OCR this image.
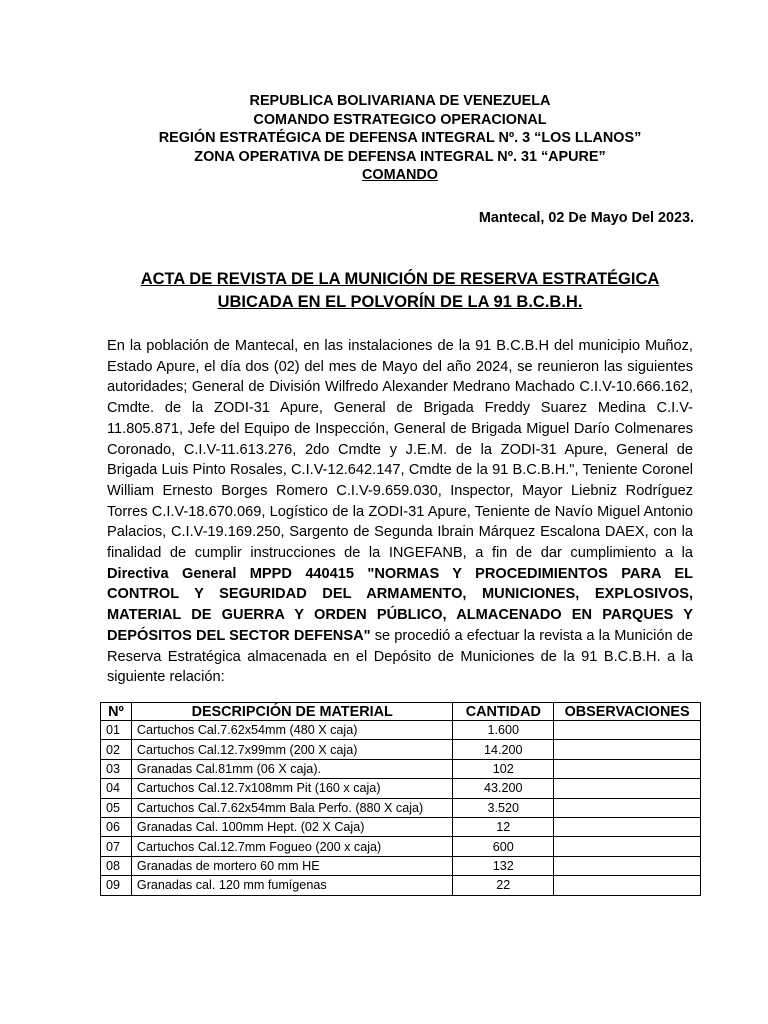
REPUBLICA BOLIVARIANA DE VENEZUELA
COMANDO ESTRATEGICO OPERACIONAL
REGIÓN ESTRATÉGICA DE DEFENSA INTEGRAL Nº. 3 “LOS LLANOS”
ZONA OPERATIVA DE DEFENSA INTEGRAL Nº. 31 “APURE”
COMANDO
Mantecal, 02 De Mayo Del 2023.
ACTA DE REVISTA DE LA MUNICIÓN DE RESERVA ESTRATÉGICA
UBICADA EN EL POLVORÍN DE LA 91 B.C.B.H.
En la población de Mantecal, en las instalaciones de la 91 B.C.B.H del municipio Muñoz, Estado Apure, el día dos (02) del mes de Mayo del año 2024, se reunieron las siguientes autoridades; General de División Wilfredo Alexander Medrano Machado C.I.V-10.666.162, Cmdte. de la ZODI-31 Apure, General de Brigada Freddy Suarez Medina C.I.V-11.805.871, Jefe del Equipo de Inspección, General de Brigada Miguel Darío Colmenares Coronado, C.I.V-11.613.276, 2do Cmdte y J.E.M. de la ZODI-31 Apure, General de Brigada Luis Pinto Rosales, C.I.V-12.642.147, Cmdte de la 91 B.C.B.H.", Teniente Coronel William Ernesto Borges Romero C.I.V-9.659.030, Inspector, Mayor Liebniz Rodríguez Torres C.I.V-18.670.069, Logístico de la ZODI-31 Apure, Teniente de Navío Miguel Antonio Palacios, C.I.V-19.169.250, Sargento de Segunda Ibrain Márquez Escalona DAEX, con la finalidad de cumplir instrucciones de la INGEFANB, a fin de dar cumplimiento a la Directiva General MPPD 440415 "NORMAS Y PROCEDIMIENTOS PARA EL CONTROL Y SEGURIDAD DEL ARMAMENTO, MUNICIONES, EXPLOSIVOS, MATERIAL DE GUERRA Y ORDEN PÚBLICO, ALMACENADO EN PARQUES Y DEPÓSITOS DEL SECTOR DEFENSA" se procedió a efectuar la revista a la Munición de Reserva Estratégica almacenada en el Depósito de Municiones de la 91 B.C.B.H. a la siguiente relación:
Nº	DESCRIPCIÓN DE MATERIAL	CANTIDAD	OBSERVACIONES
01	Cartuchos Cal.7.62x54mm (480 X caja)	1.600	
02	Cartuchos Cal.12.7x99mm (200 X caja)	14.200	
03	Granadas Cal.81mm (06 X caja).	102	
04	Cartuchos Cal.12.7x108mm Pit (160 x caja)	43.200	
05	Cartuchos Cal.7.62x54mm Bala Perfo. (880 X caja)	3.520	
06	Granadas Cal. 100mm Hept. (02 X Caja)	12	
07	Cartuchos Cal.12.7mm Fogueo (200 x caja)	600	
08	Granadas de mortero 60 mm HE	132	
09	Granadas cal. 120 mm fumígenas	22	
